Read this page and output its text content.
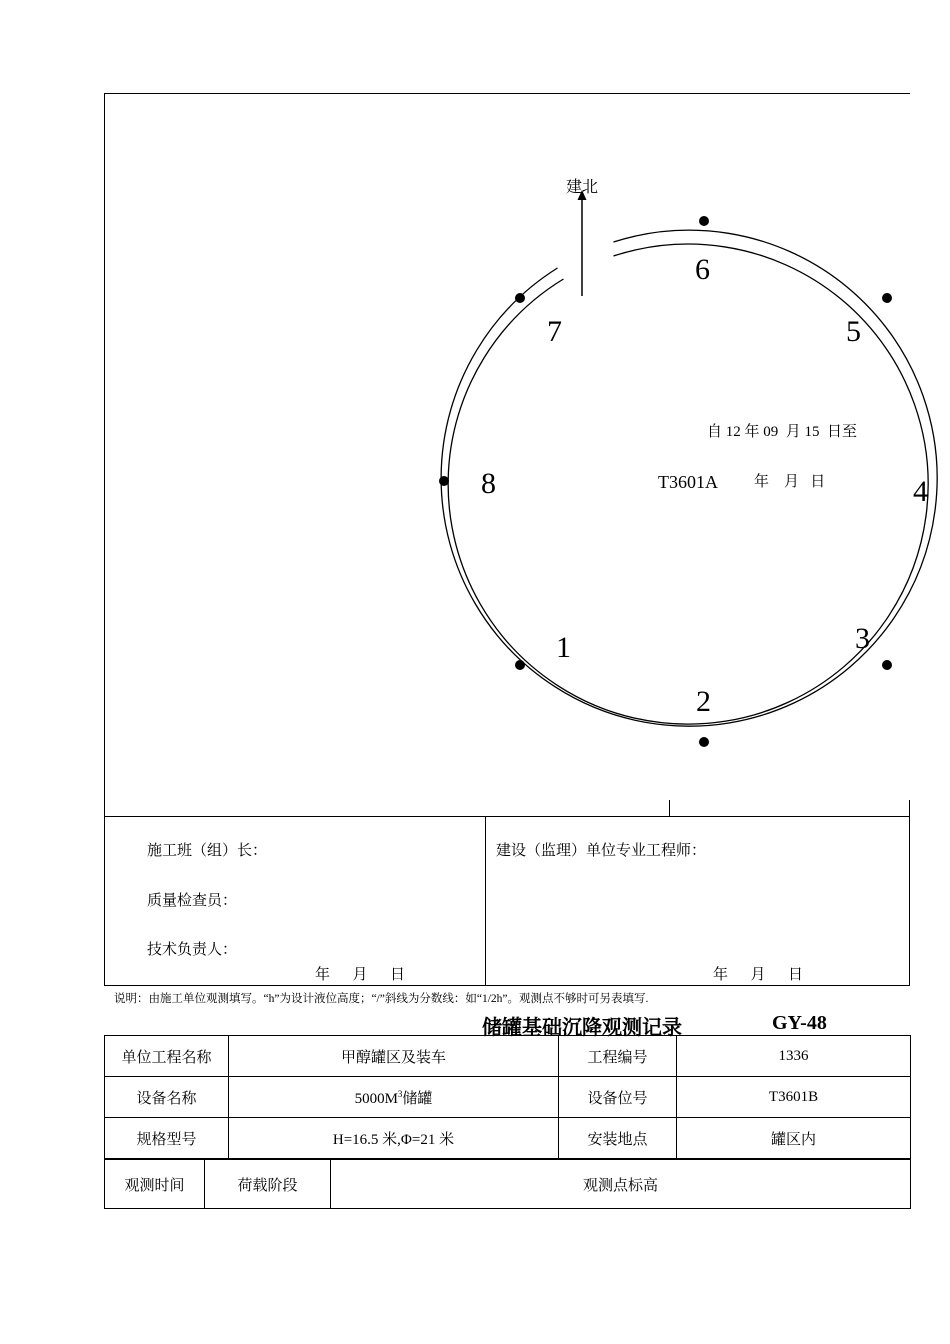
建北
1
2
3
4
5
6
7
8
自 12 年 09  月 15  日至
T3601A 年    月   日
施工班（组）长：
质量检查员：
技术负责人：
年      月      日
建设（监理）单位专业工程师：
年      月      日
说明：由施工单位观测填写。“h”为设计液位高度；“/”斜线为分数线：如“1/2h”。观测点不够时可另表填写.
储罐基础沉降观测记录	GY-48
单位工程名称	甲醇罐区及装车	工程编号	1336
设备名称	$5000M^3$储罐	设备位号	T3601B
规格型号	H=16.5 米,Φ=21 米	安装地点	罐区内
观测时间	荷载阶段	观测点标高
